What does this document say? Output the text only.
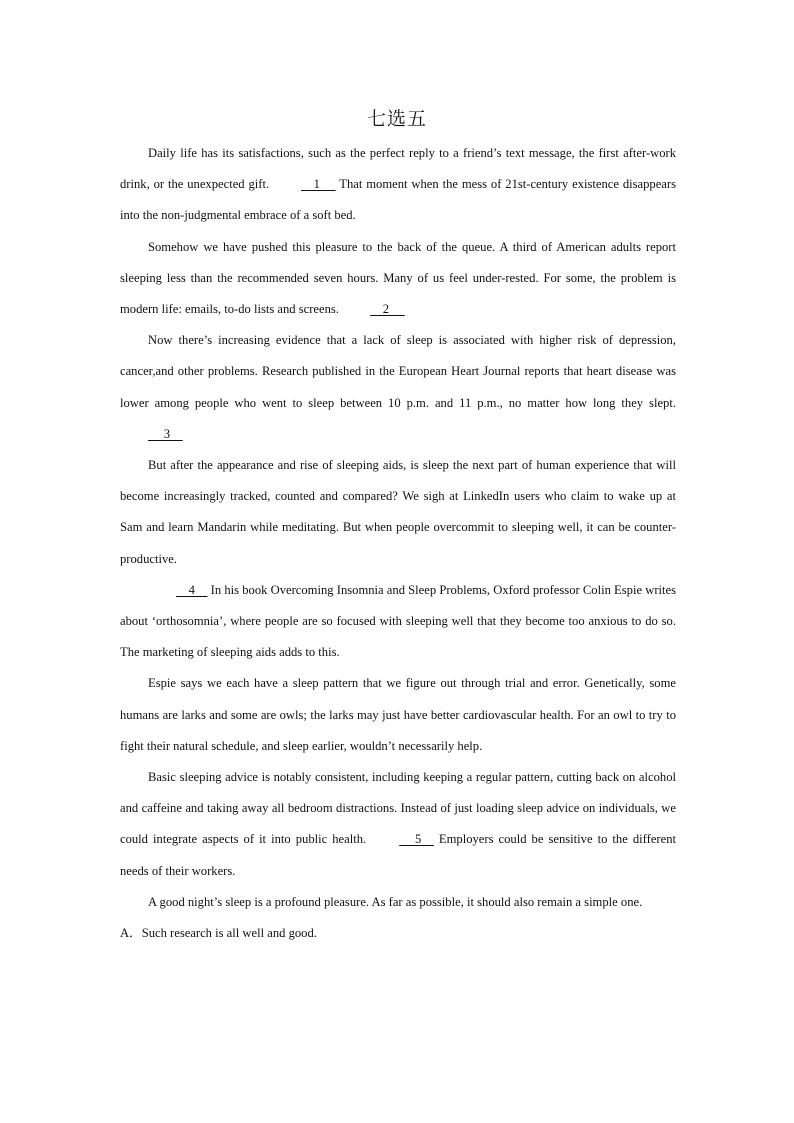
七选五

Daily life has its satisfactions, such as the perfect reply to a friend’s text message, the first after-work drink, or the unexpected gift.     1      That moment when the mess of 21st-century existence disappears into the non-judgmental embrace of a soft bed.

Somehow we have pushed this pleasure to the back of the queue. A third of American adults report sleeping less than the recommended seven hours. Many of us feel under-rested. For some, the problem is modern life: emails, to-do lists and screens.     2

Now there’s increasing evidence that a lack of sleep is associated with higher risk of depression, cancer,and other problems. Research published in the European Heart Journal reports that heart disease was lower among people who went to sleep between 10 p.m. and 11 p.m., no matter how long they slept.      3

But after the appearance and rise of sleeping aids, is sleep the next part of human experience that will become increasingly tracked, counted and compared? We sigh at LinkedIn users who claim to wake up at Sam and learn Mandarin while meditating. But when people overcommit to sleeping well, it can be counter-productive.

4     In his book Overcoming Insomnia and Sleep Problems, Oxford professor Colin Espie writes about ‘orthosomnia’, where people are so focused with sleeping well that they become too anxious to do so. The marketing of sleeping aids adds to this.

Espie says we each have a sleep pattern that we figure out through trial and error. Genetically, some humans are larks and some are owls; the larks may just have better cardiovascular health. For an owl to try to fight their natural schedule, and sleep earlier, wouldn’t necessarily help.

Basic sleeping advice is notably consistent, including keeping a regular pattern, cutting back on alcohol and caffeine and taking away all bedroom distractions. Instead of just loading sleep advice on individuals, we could integrate aspects of it into public health.      5     Employers could be sensitive to the different needs of their workers.

A good night’s sleep is a profound pleasure. As far as possible, it should also remain a simple one.

A．Such research is all well and good.
